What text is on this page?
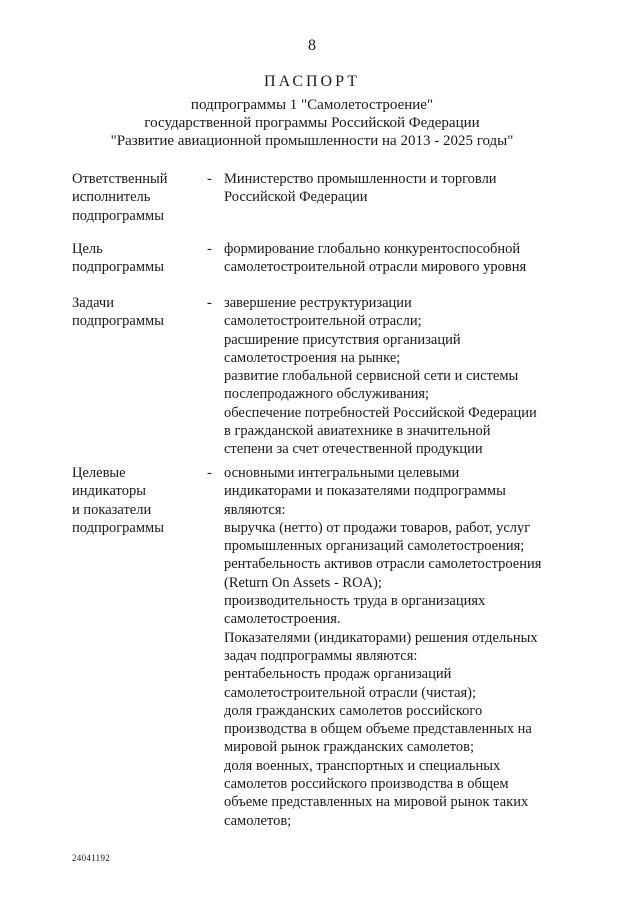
8
ПАСПОРТ
подпрограммы 1 "Самолетостроение"
государственной программы Российской Федерации
"Развитие авиационной промышленности на 2013 - 2025 годы"
Ответственный
исполнитель
подпрограммы
- Министерство промышленности и торговли
Российской Федерации
Цель
подпрограммы
- формирование глобально конкурентоспособной
самолетостроительной отрасли мирового уровня
Задачи
подпрограммы
- завершение реструктуризации
самолетостроительной отрасли;
расширение присутствия организаций
самолетостроения на рынке;
развитие глобальной сервисной сети и системы
послепродажного обслуживания;
обеспечение потребностей Российской Федерации
в гражданской авиатехнике в значительной
степени за счет отечественной продукции
Целевые
индикаторы
и показатели
подпрограммы
- основными интегральными целевыми
индикаторами и показателями подпрограммы
являются:
выручка (нетто) от продажи товаров, работ, услуг
промышленных организаций самолетостроения;
рентабельность активов отрасли самолетостроения
(Return On Assets - ROA);
производительность труда в организациях
самолетостроения.
Показателями (индикаторами) решения отдельных
задач подпрограммы являются:
рентабельность продаж организаций
самолетостроительной отрасли (чистая);
доля гражданских самолетов российского
производства в общем объеме представленных на
мировой рынок гражданских самолетов;
доля военных, транспортных и специальных
самолетов российского производства в общем
объеме представленных на мировой рынок таких
самолетов;
24041192
